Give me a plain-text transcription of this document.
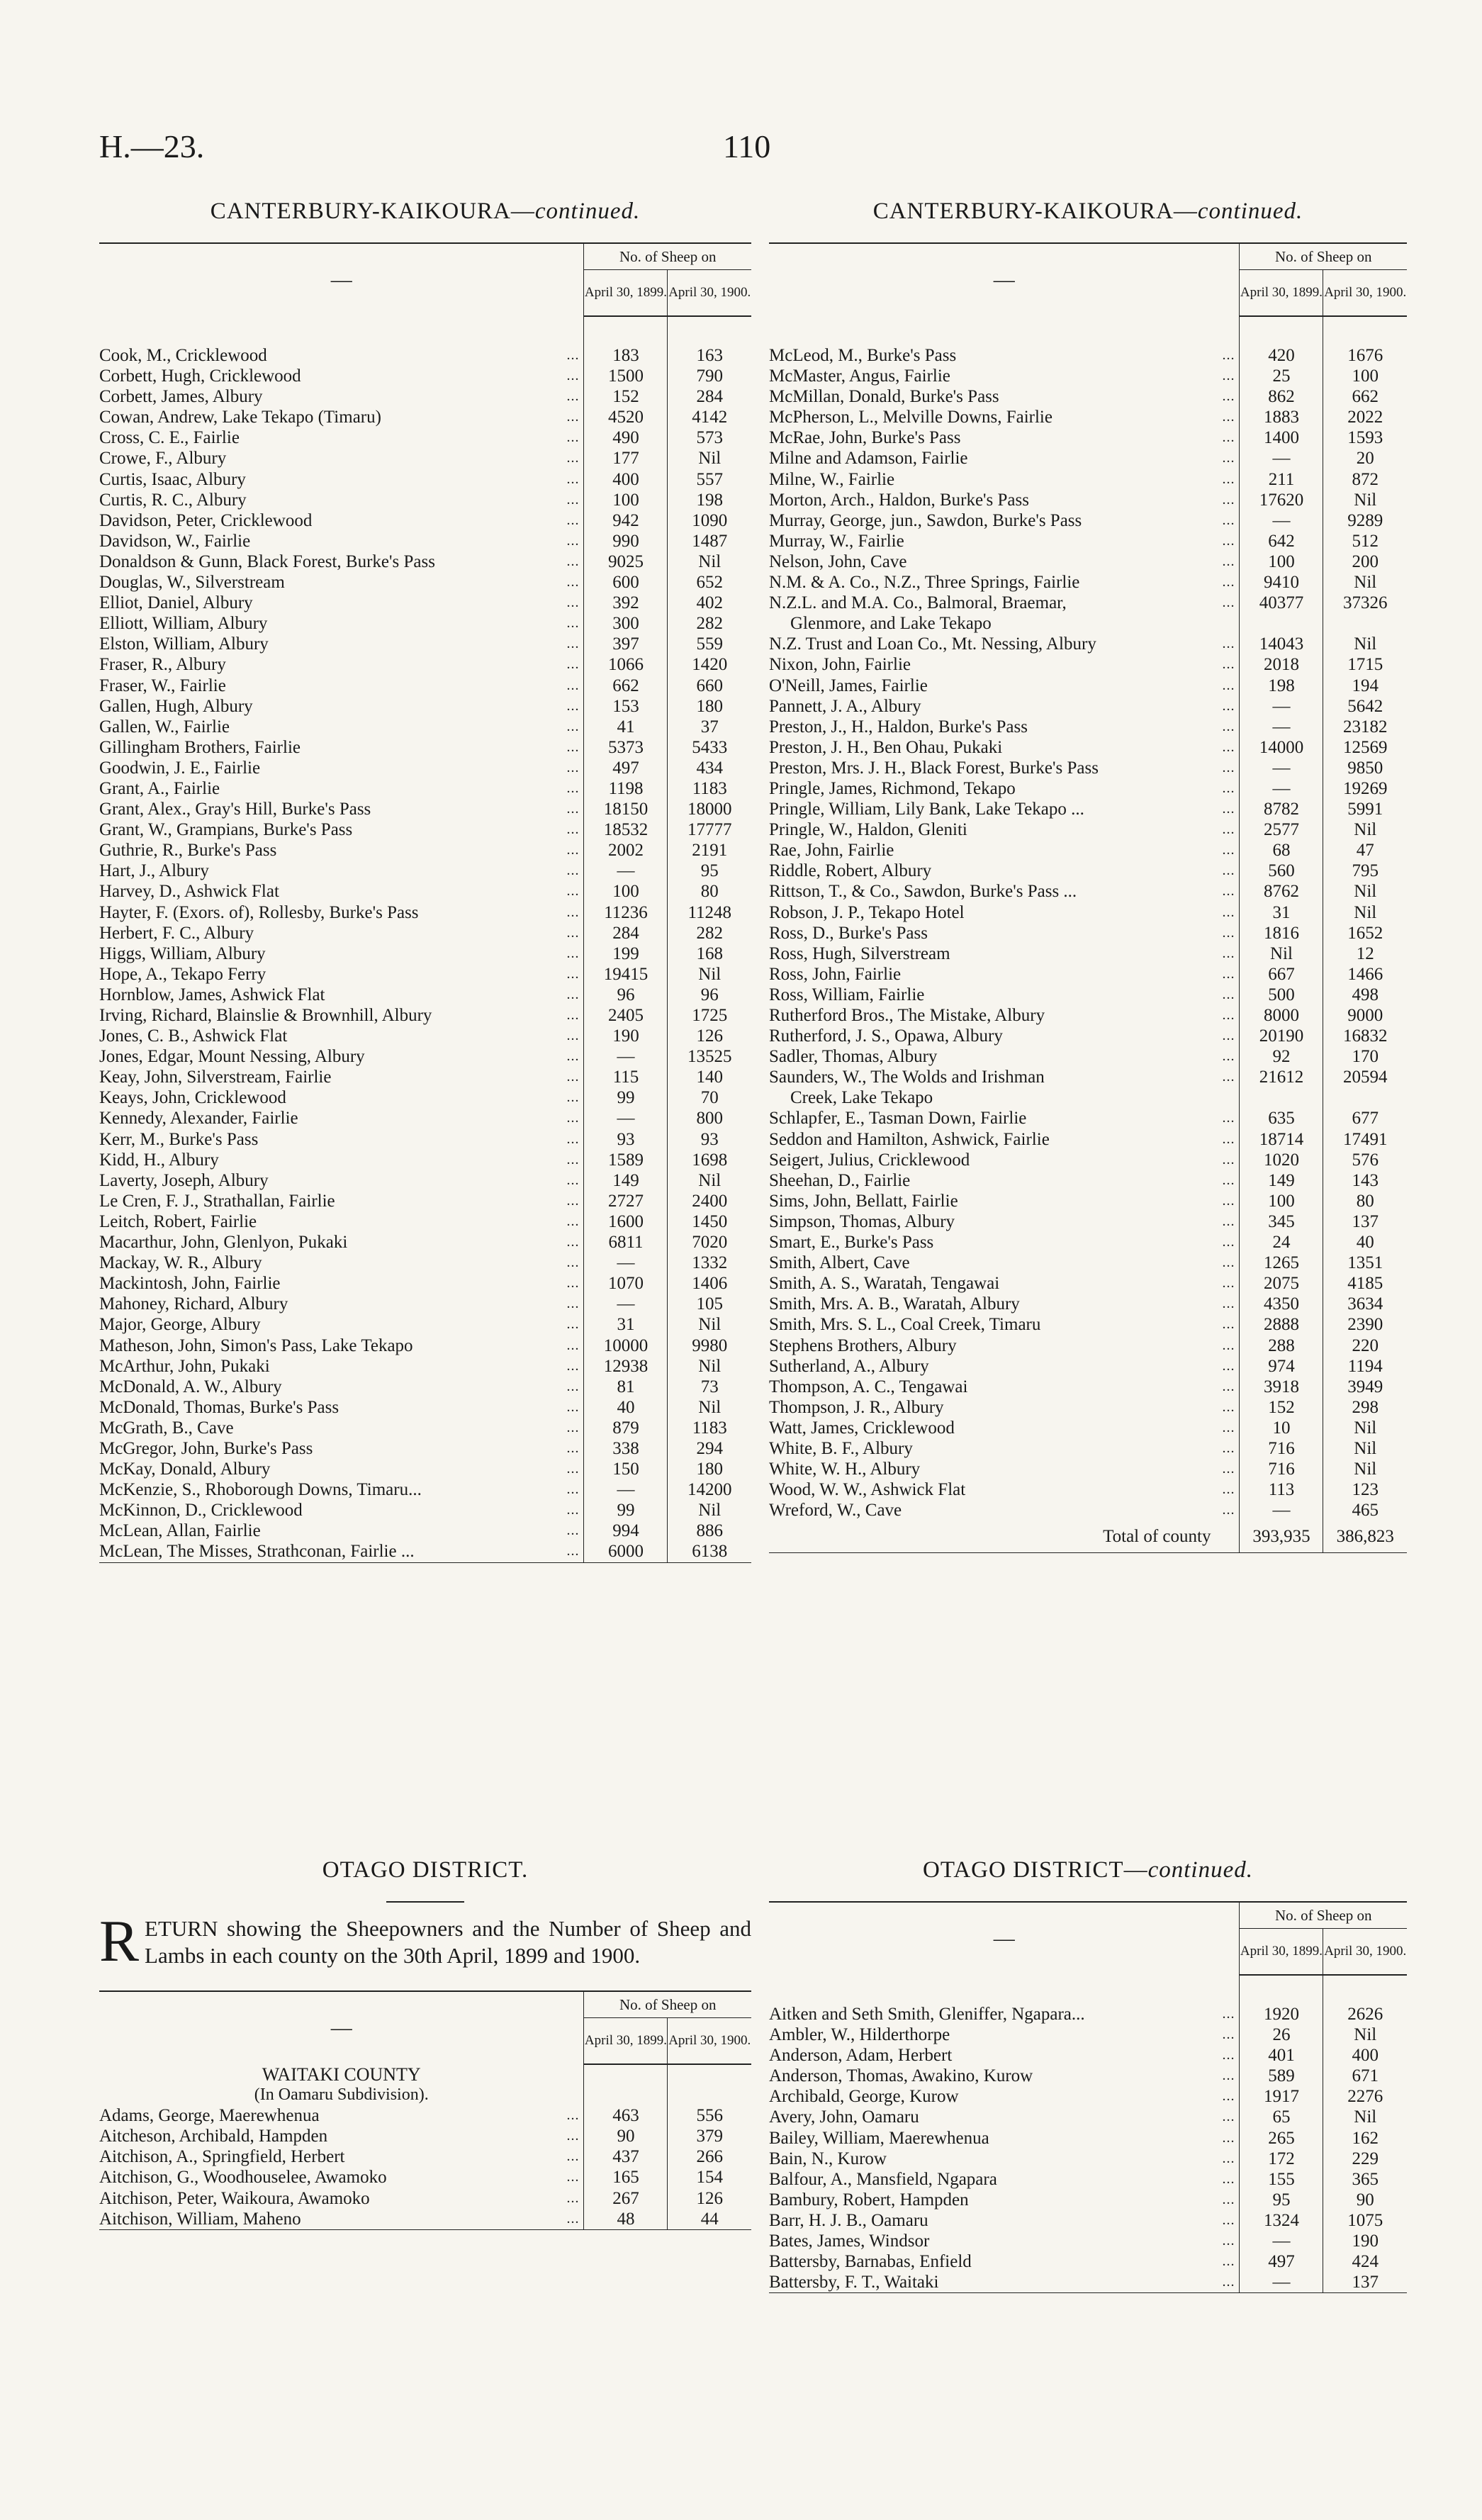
H.—23.	110
CANTERBURY-KAIKOURA—continued.
—	No. of Sheep on	
	April 30, 1899.	April 30, 1900.

...
Cook, M., Cricklewood	183	163

...
Corbett, Hugh, Cricklewood	1500	790

...
Corbett, James, Albury	152	284

...
Cowan, Andrew, Lake Tekapo (Timaru)	4520	4142

...
Cross, C. E., Fairlie	490	573

...
Crowe, F., Albury	177	Nil

...
Curtis, Isaac, Albury	400	557

...
Curtis, R. C., Albury	100	198

...
Davidson, Peter, Cricklewood	942	1090

...
Davidson, W., Fairlie	990	1487

...
Donaldson & Gunn, Black Forest, Burke's Pass	9025	Nil

...
Douglas, W., Silverstream	600	652

...
Elliot, Daniel, Albury	392	402

...
Elliott, William, Albury	300	282

...
Elston, William, Albury	397	559

...
Fraser, R., Albury	1066	1420

...
Fraser, W., Fairlie	662	660

...
Gallen, Hugh, Albury	153	180

...
Gallen, W., Fairlie	41	37

...
Gillingham Brothers, Fairlie	5373	5433

...
Goodwin, J. E., Fairlie	497	434

...
Grant, A., Fairlie	1198	1183

...
Grant, Alex., Gray's Hill, Burke's Pass	18150	18000

...
Grant, W., Grampians, Burke's Pass	18532	17777

...
Guthrie, R., Burke's Pass	2002	2191

...
Hart, J., Albury	—	95

...
Harvey, D., Ashwick Flat	100	80

...
Hayter, F. (Exors. of), Rollesby, Burke's Pass	11236	11248

...
Herbert, F. C., Albury	284	282

...
Higgs, William, Albury	199	168

...
Hope, A., Tekapo Ferry	19415	Nil

...
Hornblow, James, Ashwick Flat	96	96

...
Irving, Richard, Blainslie & Brownhill, Albury	2405	1725

...
Jones, C. B., Ashwick Flat	190	126

...
Jones, Edgar, Mount Nessing, Albury	—	13525

...
Keay, John, Silverstream, Fairlie	115	140

...
Keays, John, Cricklewood	99	70

...
Kennedy, Alexander, Fairlie	—	800

...
Kerr, M., Burke's Pass	93	93

...
Kidd, H., Albury	1589	1698

...
Laverty, Joseph, Albury	149	Nil

...
Le Cren, F. J., Strathallan, Fairlie	2727	2400

...
Leitch, Robert, Fairlie	1600	1450

...
Macarthur, John, Glenlyon, Pukaki	6811	7020

...
Mackay, W. R., Albury	—	1332

...
Mackintosh, John, Fairlie	1070	1406

...
Mahoney, Richard, Albury	—	105

...
Major, George, Albury	31	Nil

...
Matheson, John, Simon's Pass, Lake Tekapo	10000	9980

...
McArthur, John, Pukaki	12938	Nil

...
McDonald, A. W., Albury	81	73

...
McDonald, Thomas, Burke's Pass	40	Nil

...
McGrath, B., Cave	879	1183

...
McGregor, John, Burke's Pass	338	294

...
McKay, Donald, Albury	150	180

...
McKenzie, S., Rhoborough Downs, Timaru...	—	14200

...
McKinnon, D., Cricklewood	99	Nil

...
McLean, Allan, Fairlie	994	886

...
McLean, The Misses, Strathconan, Fairlie ...	6000	6138
CANTERBURY-KAIKOURA—continued.
—	No. of Sheep on	
	April 30, 1899.	April 30, 1900.

...
McLeod, M., Burke's Pass	420	1676

...
McMaster, Angus, Fairlie	25	100

...
McMillan, Donald, Burke's Pass	862	662

...
McPherson, L., Melville Downs, Fairlie	1883	2022

...
McRae, John, Burke's Pass	1400	1593

...
Milne and Adamson, Fairlie	—	20

...
Milne, W., Fairlie	211	872

...
Morton, Arch., Haldon, Burke's Pass	17620	Nil

...
Murray, George, jun., Sawdon, Burke's Pass	—	9289

...
Murray, W., Fairlie	642	512

...
Nelson, John, Cave	100	200

...
N.M. & A. Co., N.Z., Three Springs, Fairlie	9410	Nil

...
N.Z.L. and M.A. Co., Balmoral, Braemar,	40377	37326

Glenmore, and Lake Tekapo		

...
N.Z. Trust and Loan Co., Mt. Nessing, Albury	14043	Nil

...
Nixon, John, Fairlie	2018	1715

...
O'Neill, James, Fairlie	198	194

...
Pannett, J. A., Albury	—	5642

...
Preston, J., H., Haldon, Burke's Pass	—	23182

...
Preston, J. H., Ben Ohau, Pukaki	14000	12569

...
Preston, Mrs. J. H., Black Forest, Burke's Pass	—	9850

...
Pringle, James, Richmond, Tekapo	—	19269

...
Pringle, William, Lily Bank, Lake Tekapo ...	8782	5991

...
Pringle, W., Haldon, Gleniti	2577	Nil

...
Rae, John, Fairlie	68	47

...
Riddle, Robert, Albury	560	795

...
Rittson, T., & Co., Sawdon, Burke's Pass ...	8762	Nil

...
Robson, J. P., Tekapo Hotel	31	Nil

...
Ross, D., Burke's Pass	1816	1652

...
Ross, Hugh, Silverstream	Nil	12

...
Ross, John, Fairlie	667	1466

...
Ross, William, Fairlie	500	498

...
Rutherford Bros., The Mistake, Albury	8000	9000

...
Rutherford, J. S., Opawa, Albury	20190	16832

...
Sadler, Thomas, Albury	92	170

...
Saunders, W., The Wolds and Irishman	21612	20594

Creek, Lake Tekapo		

...
Schlapfer, E., Tasman Down, Fairlie	635	677

...
Seddon and Hamilton, Ashwick, Fairlie	18714	17491

...
Seigert, Julius, Cricklewood	1020	576

...
Sheehan, D., Fairlie	149	143

...
Sims, John, Bellatt, Fairlie	100	80

...
Simpson, Thomas, Albury	345	137

...
Smart, E., Burke's Pass	24	40

...
Smith, Albert, Cave	1265	1351

...
Smith, A. S., Waratah, Tengawai	2075	4185

...
Smith, Mrs. A. B., Waratah, Albury	4350	3634

...
Smith, Mrs. S. L., Coal Creek, Timaru	2888	2390

...
Stephens Brothers, Albury	288	220

...
Sutherland, A., Albury	974	1194

...
Thompson, A. C., Tengawai	3918	3949

...
Thompson, J. R., Albury	152	298

...
Watt, James, Cricklewood	10	Nil

...
White, B. F., Albury	716	Nil

...
White, W. H., Albury	716	Nil

...
Wood, W. W., Ashwick Flat	113	123

...
Wreford, W., Cave	—	465
Total of county	393,935	386,823
OTAGO DISTRICT.

RETURN showing the Sheepowners and the Number of Sheep and Lambs in each county on the 30th April, 1899 and 1900.

—	No. of Sheep on	
	April 30, 1899.	April 30, 1900.
WAITAKI COUNTY		
(In Oamaru Subdivision).		

...
Adams, George, Maerewhenua	463	556

...
Aitcheson, Archibald, Hampden	90	379

...
Aitchison, A., Springfield, Herbert	437	266

...
Aitchison, G., Woodhouselee, Awamoko	165	154

...
Aitchison, Peter, Waikoura, Awamoko	267	126

...
Aitchison, William, Maheno	48	44
OTAGO DISTRICT—continued.
—	No. of Sheep on	
	April 30, 1899.	April 30, 1900.

...
Aitken and Seth Smith, Gleniffer, Ngapara...	1920	2626

...
Ambler, W., Hilderthorpe	26	Nil

...
Anderson, Adam, Herbert	401	400

...
Anderson, Thomas, Awakino, Kurow	589	671

...
Archibald, George, Kurow	1917	2276

...
Avery, John, Oamaru	65	Nil

...
Bailey, William, Maerewhenua	265	162

...
Bain, N., Kurow	172	229

...
Balfour, A., Mansfield, Ngapara	155	365

...
Bambury, Robert, Hampden	95	90

...
Barr, H. J. B., Oamaru	1324	1075

...
Bates, James, Windsor	—	190

...
Battersby, Barnabas, Enfield	497	424

...
Battersby, F. T., Waitaki	—	137
